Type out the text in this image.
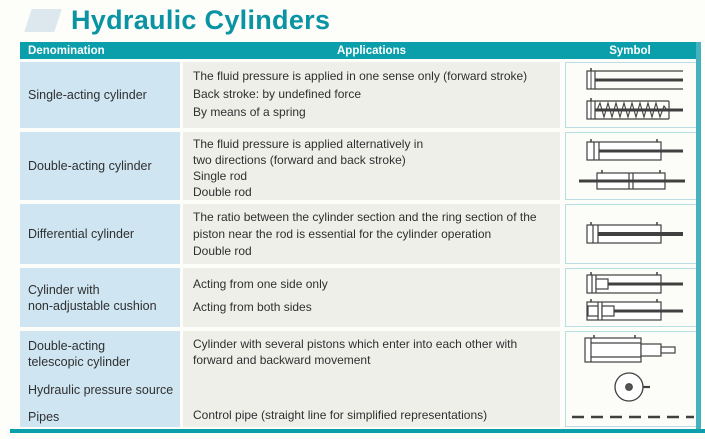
Hydraulic Cylinders
Denomination	Applications	Symbol
Single-acting cylinder
The fluid pressure is applied in one sense only (forward stroke)
Back stroke: by undefined force
By means of a spring
Double-acting cylinder
The fluid pressure is applied alternatively in
two directions (forward and back stroke)
Single rod
Double rod
Differential cylinder
The ratio between the cylinder section and the ring section of the
piston near the rod is essential for the cylinder operation
Double rod
Cylinder with
non-adjustable cushion
Acting from one side only
Acting from both sides
Double-acting
telescopic cylinder
Hydraulic pressure source
Pipes
Cylinder with several pistons which enter into each other with
forward and backward movement
Control pipe (straight line for simplified representations)
